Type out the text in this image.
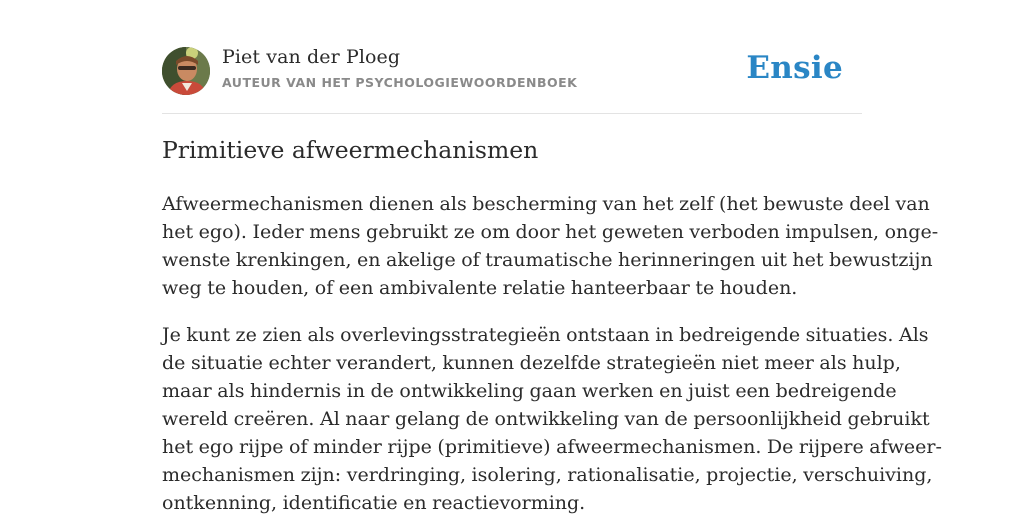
Piet van der Ploeg
AUTEUR VAN HET PSYCHOLOGIEWOORDENBOEK	Ensie
Primitieve afweermechanismen

Afweermechanismen dienen als bescherming van het zelf (het bewuste deel van
het ego). Ieder mens gebruikt ze om door het geweten verboden impulsen, onge-
wenste krenkingen, en akelige of traumatische herinneringen uit het bewustzijn
weg te houden, of een ambivalente relatie hanteerbaar te houden.

Je kunt ze zien als overlevingsstrategieën ontstaan in bedreigende situaties. Als
de situatie echter verandert, kunnen dezelfde strategieën niet meer als hulp,
maar als hindernis in de ontwikkeling gaan werken en juist een bedreigende
wereld creëren. Al naar gelang de ontwikkeling van de persoonlijkheid gebruikt
het ego rijpe of minder rijpe (primitieve) afweermechanismen. De rijpere afweer-
mechanismen zijn: verdringing, isolering, rationalisatie, projectie, verschuiving,
ontkenning, identificatie en reactievorming.
